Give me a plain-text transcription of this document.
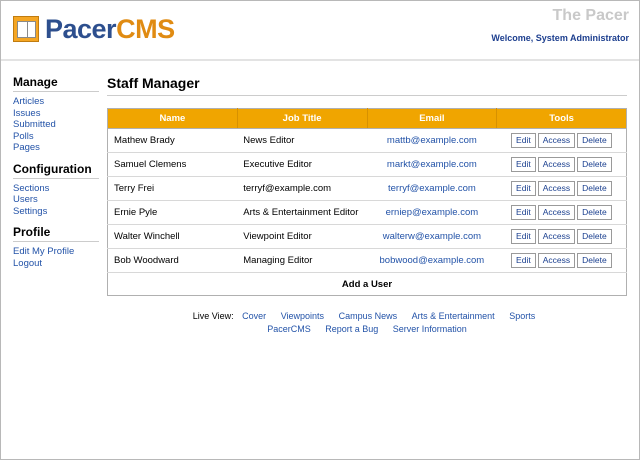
PacerCMS	The Pacer
Welcome, System Administrator
Manage
Articles
Issues
Submitted
Polls
Pages
Configuration
Sections
Users
Settings
Profile
Edit My Profile
Logout
Staff Manager
Name	Job Title	Email	Tools
Mathew Brady	News Editor	mattb@example.com	Edit Access Delete
Samuel Clemens	Executive Editor	markt@example.com	Edit Access Delete
Terry Frei	terryf@example.com	terryf@example.com	Edit Access Delete
Ernie Pyle	Arts & Entertainment Editor	erniep@example.com	Edit Access Delete
Walter Winchell	Viewpoint Editor	walterw@example.com	Edit Access Delete
Bob Woodward	Managing Editor	bobwood@example.com	Edit Access Delete
Add a User			
Live View: Cover Viewpoints Campus News Arts & Entertainment Sports
PacerCMS Report a Bug Server Information
